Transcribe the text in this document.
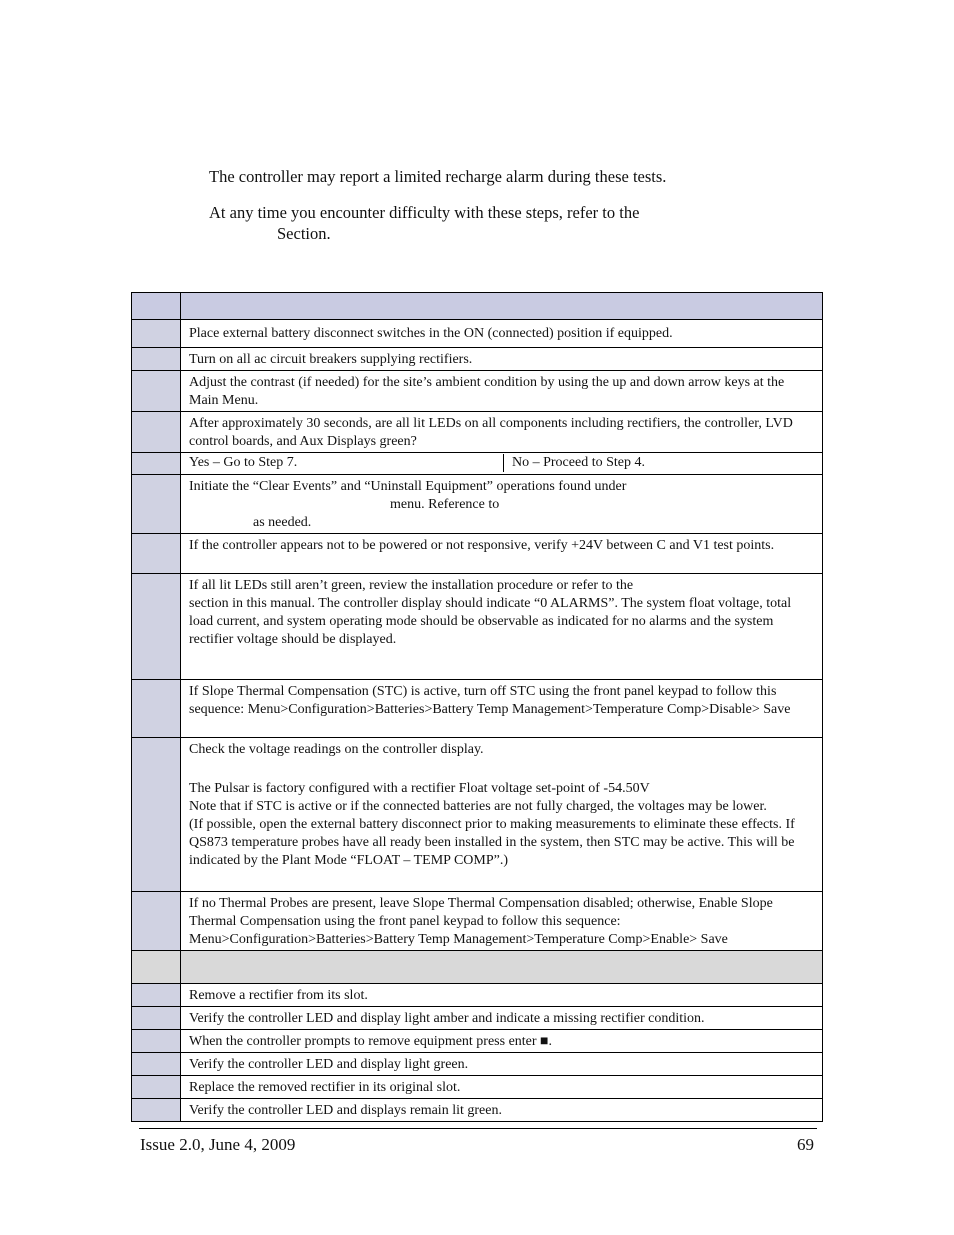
The controller may report a limited recharge alarm during these tests.
At any time you encounter difficulty with these steps, refer to the
Section.

	Place external battery disconnect switches in the ON (connected) position if equipped.
	Turn on all ac circuit breakers supplying rectifiers.
	Adjust the contrast (if needed) for the site’s ambient condition by using the up and down arrow keys at the Main Menu.
	After approximately 30 seconds, are all lit LEDs on all components including rectifiers, the controller, LVD control boards, and Aux Displays green?

Yes – Go to Step 7.	No – Proceed to Step 4.

Initiate the “Clear Events” and “Uninstall Equipment” operations found under
menu. Reference to
as needed.

	If the controller appears not to be powered or not responsive, verify +24V between C and V1 test points.

If all lit LEDs still aren’t green, review the installation procedure or refer to the
section in this manual. The controller display should indicate “0 ALARMS”. The system float voltage, total load current, and system operating mode should be observable as indicated for no alarms and the system rectifier voltage should be displayed.

	If Slope Thermal Compensation (STC) is active, turn off STC using the front panel keypad to follow this sequence: Menu>Configuration>Batteries>Battery Temp Management>Temperature Comp>Disable> Save

Check the voltage readings on the controller display.
The Pulsar is factory configured with a rectifier Float voltage set-point of -54.50V
Note that if STC is active or if the connected batteries are not fully charged, the voltages may be lower.
(If possible, open the external battery disconnect prior to making measurements to eliminate these effects. If QS873 temperature probes have all ready been installed in the system, then STC may be active. This will be indicated by the Plant Mode “FLOAT – TEMP COMP”.)

	If no Thermal Probes are present, leave Slope Thermal Compensation disabled; otherwise, Enable Slope Thermal Compensation using the front panel keypad to follow this sequence: Menu>Configuration>Batteries>Battery Temp Management>Temperature Comp>Enable> Save

	Remove a rectifier from its slot.
	Verify the controller LED and display light amber and indicate a missing rectifier condition.
	When the controller prompts to remove equipment press enter ■.
	Verify the controller LED and display light green.
	Replace the removed rectifier in its original slot.
	Verify the controller LED and displays remain lit green.
Issue 2.0, June 4, 2009	69
